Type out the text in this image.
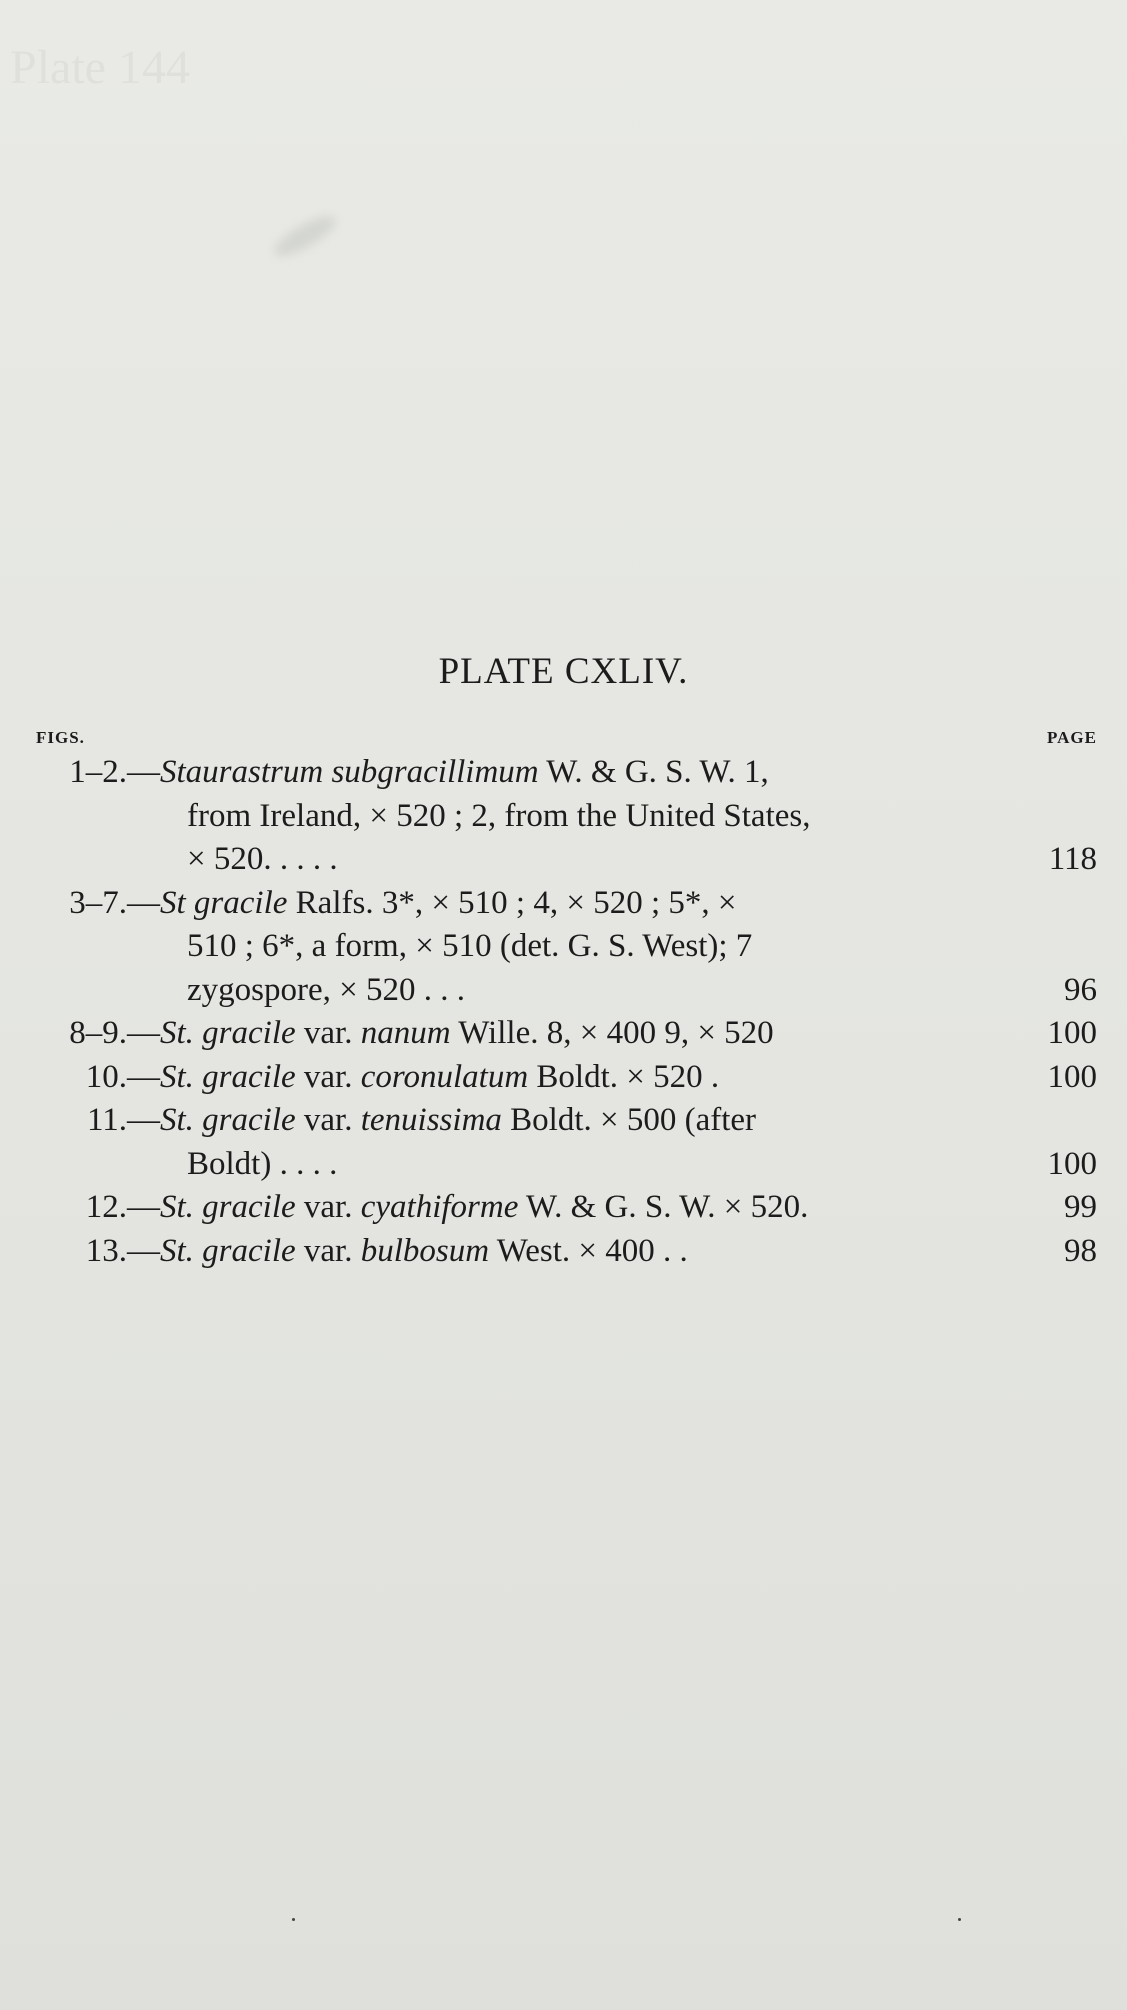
Plate 144
PLATE CXLIV.
FIGS.	PAGE
1–2.— Staurastrum subgracillimum W. & G. S. W. 1,
from Ireland, × 520 ; 2, from the United States,
× 520. . . . .	118
3–7.— St gracile Ralfs. 3*, × 510 ; 4, × 520 ; 5*, ×
510 ; 6*, a form, × 510 (det. G. S. West); 7
zygospore, × 520 . . .	96
8–9.— St. gracile var. nanum Wille. 8, × 400 9, × 520	100
10.— St. gracile var. coronulatum Boldt. × 520 .	100
11.— St. gracile var. tenuissima Boldt. × 500 (after
Boldt) . . . .	100
12.— St. gracile var. cyathiforme W. & G. S. W. × 520.	99
13.— St. gracile var. bulbosum West. × 400 . .	98
